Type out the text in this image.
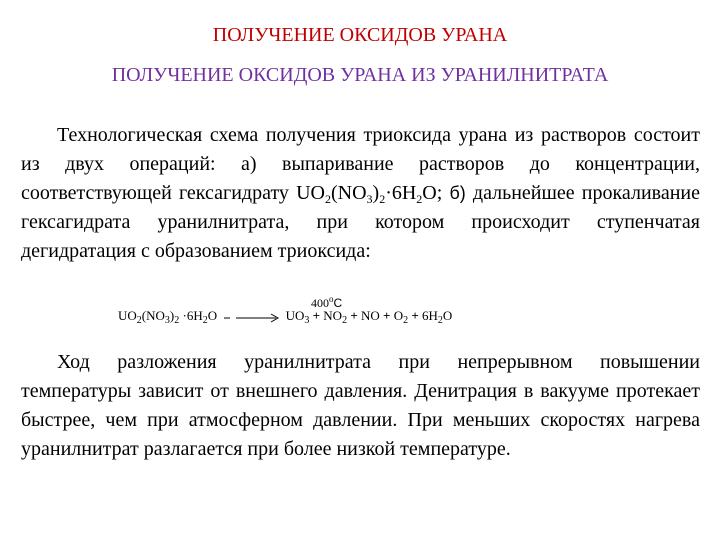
ПОЛУЧЕНИЕ ОКСИДОВ УРАНА
ПОЛУЧЕНИЕ ОКСИДОВ УРАНА ИЗ УРАНИЛНИТРАТА
Технологическая схема получения триоксида урана из растворов состоит из двух операций: а) выпаривание растворов до концентрации, соответствующей гексагидрату $UO_2(NO_3)_2\cdot 6H_2O$; б) дальнейшее прокаливание гексагидрата уранилнитрата, при котором происходит ступенчатая дегидратация с образованием триоксида:
400$^o$C
$UO_2(NO_3)_2 \cdot 6H_2O$	$UO_3 + NO_2$ + NO + $O_2 + 6H_2O$
Ход разложения уранилнитрата при непрерывном повышении температуры зависит от внешнего давления. Денитрация в вакууме протекает быстрее, чем при атмосферном давлении. При меньших скоростях нагрева уранилнитрат разлагается при более низкой температуре.
